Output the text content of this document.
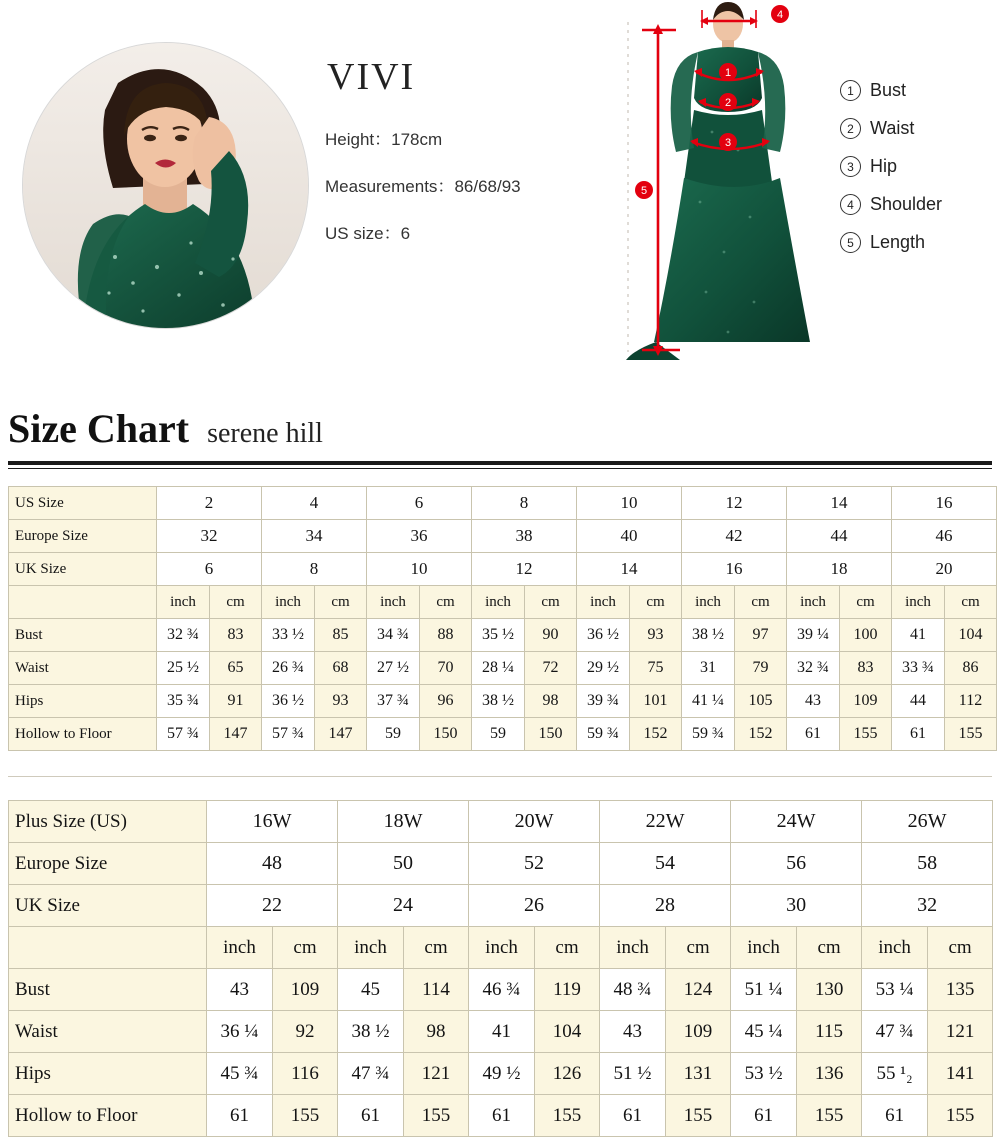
VIVI
Height：178cm
Measurements：86/68/93
US size：6
1
2
3
4
5
1 Bust
2 Waist
3 Hip
4 Shoulder
5 Length
Size Chart serene hill
US Size	2		4		6		8		10		12		14		16	
Europe Size	32		34		36		38		40		42		44		46	
UK Size	6		8		10		12		14		16		18		20	
	inch	cm	inch	cm	inch	cm	inch	cm	inch	cm	inch	cm	inch	cm	inch	cm
Bust	32 ¾	83	33 ½	85	34 ¾	88	35 ½	90	36 ½	93	38 ½	97	39 ¼	100	41	104
Waist	25 ½	65	26 ¾	68	27 ½	70	28 ¼	72	29 ½	75	31	79	32 ¾	83	33 ¾	86
Hips	35 ¾	91	36 ½	93	37 ¾	96	38 ½	98	39 ¾	101	41 ¼	105	43	109	44	112
Hollow to Floor	57 ¾	147	57 ¾	147	59	150	59	150	59 ¾	152	59 ¾	152	61	155	61	155
Plus Size (US)	16W		18W		20W		22W		24W		26W	
Europe Size	48		50		52		54		56		58	
UK Size	22		24		26		28		30		32	
	inch	cm	inch	cm	inch	cm	inch	cm	inch	cm	inch	cm
Bust	43	109	45	114	46 ¾	119	48 ¾	124	51 ¼	130	53 ¼	135
Waist	36 ¼	92	38 ½	98	41	104	43	109	45 ¼	115	47 ¾	121
Hips	45 ¾	116	47 ¾	121	49 ½	126	51 ½	131	53 ½	136	55 ¹₂	141
Hollow to Floor	61	155	61	155	61	155	61	155	61	155	61	155
